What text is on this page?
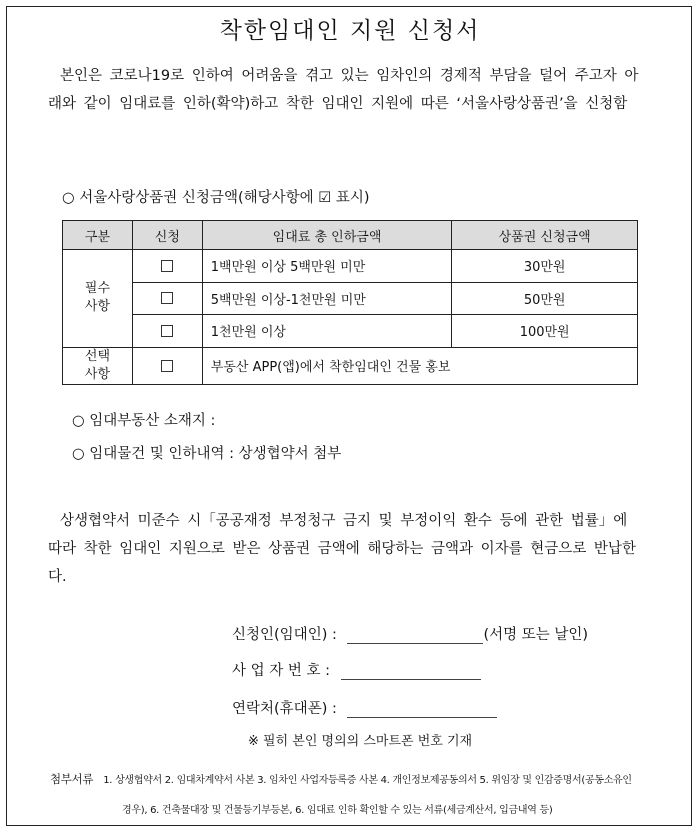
착한임대인 지원 신청서
본인은 코로나19로 인하여 어려움을 겪고 있는 임차인의 경제적 부담을 덜어 주고자 아래와 같이 임대료를 인하(확약)하고 착한 임대인 지원에 따른 ‘서울사랑상품권’을 신청함
○ 서울사랑상품권 신청금액(해당사항에 ☑ 표시)
구분	신청	임대료 총 인하금액	상품권 신청금액
필수 사항		1백만원 이상 5백만원 미만	30만원
		5백만원 이상-1천만원 미만	50만원
		1천만원 이상	100만원
선택 사항		부동산 APP(앱)에서 착한임대인 건물 홍보	
○ 임대부동산 소재지 :
○ 임대물건 및 인하내역 : 상생협약서 첨부
상생협약서 미준수 시「공공재정 부정청구 금지 및 부정이익 환수 등에 관한 법률」에 따라 착한 임대인 지원으로 받은 상품권 금액에 해당하는 금액과 이자를 현금으로 반납한다.
신청인(임대인) :	(서명 또는 날인)
사 업 자 번 호 :
연락처(휴대폰) :
※ 필히 본인 명의의 스마트폰 번호 기재
첨부서류 1. 상생협약서 2. 임대차계약서 사본 3. 임차인 사업자등록증 사본 4. 개인정보제공동의서 5. 위임장 및 인감증명서(공동소유인
경우), 6. 건축물대장 및 건물등기부등본, 6. 임대료 인하 확인할 수 있는 서류(세금계산서, 입금내역 등)
